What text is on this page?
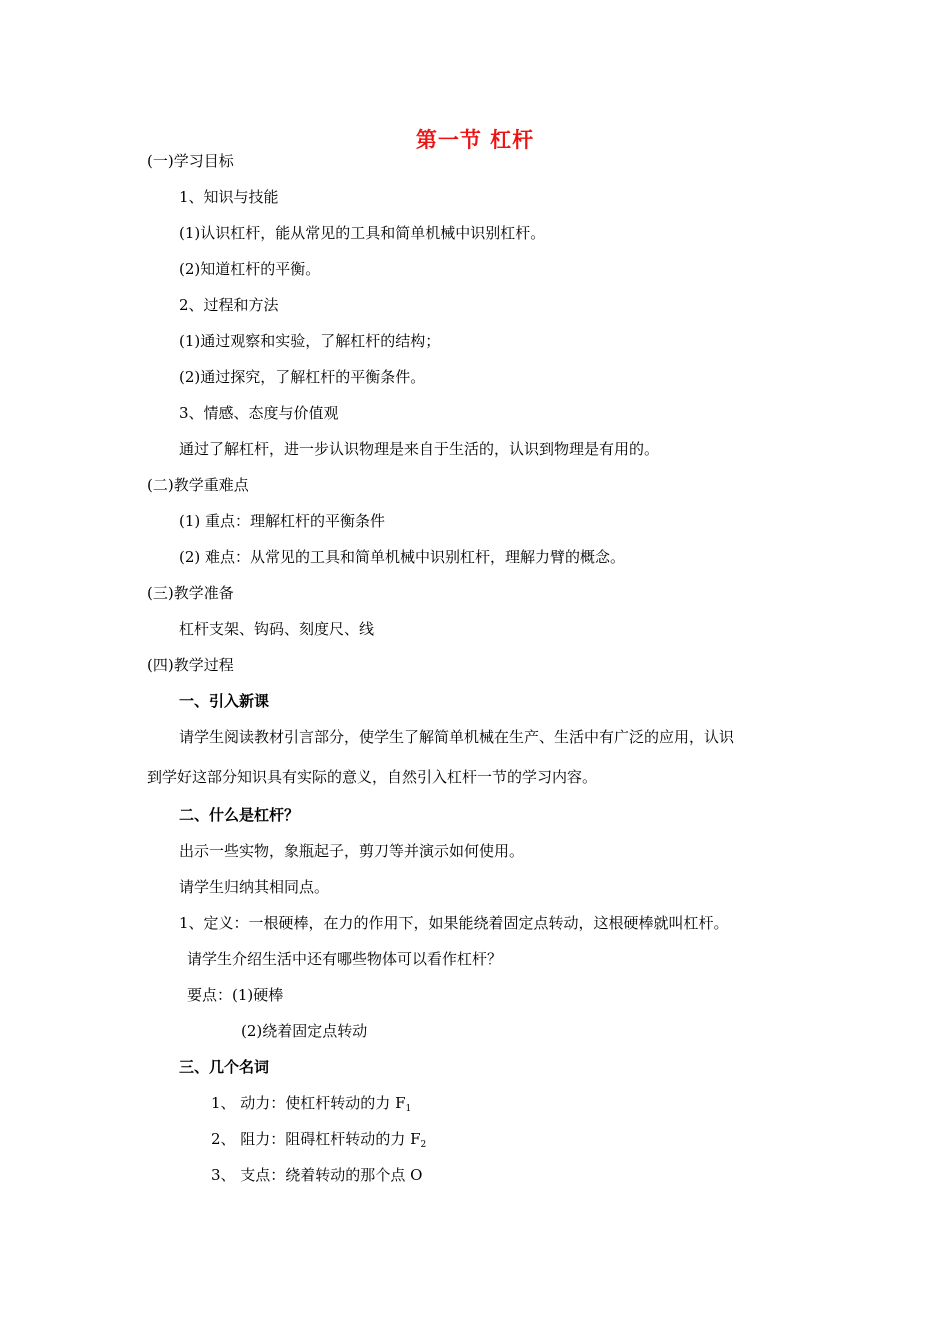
第一节 杠杆
(一)学习目标
1、知识与技能
(1)认识杠杆，能从常见的工具和简单机械中识别杠杆。
(2)知道杠杆的平衡。
2、过程和方法
(1)通过观察和实验，了解杠杆的结构；
(2)通过探究，了解杠杆的平衡条件。
3、情感、态度与价值观
通过了解杠杆，进一步认识物理是来自于生活的，认识到物理是有用的。
(二)教学重难点
(1) 重点：理解杠杆的平衡条件
(2) 难点：从常见的工具和简单机械中识别杠杆，理解力臂的概念。
(三)教学准备
杠杆支架、钩码、刻度尺、线
(四)教学过程
一、引入新课
请学生阅读教材引言部分，使学生了解简单机械在生产、生活中有广泛的应用，认识
到学好这部分知识具有实际的意义，自然引入杠杆一节的学习内容。
二、什么是杠杆？
出示一些实物，象瓶起子，剪刀等并演示如何使用。
请学生归纳其相同点。
1、定义：一根硬棒，在力的作用下，如果能绕着固定点转动，这根硬棒就叫杠杆。
请学生介绍生活中还有哪些物体可以看作杠杆？
要点：(1)硬棒
(2)绕着固定点转动
三、几个名词
1、 动力：使杠杆转动的力 $F_1$
2、 阻力：阻碍杠杆转动的力 $F_2$
3、 支点：绕着转动的那个点 O
